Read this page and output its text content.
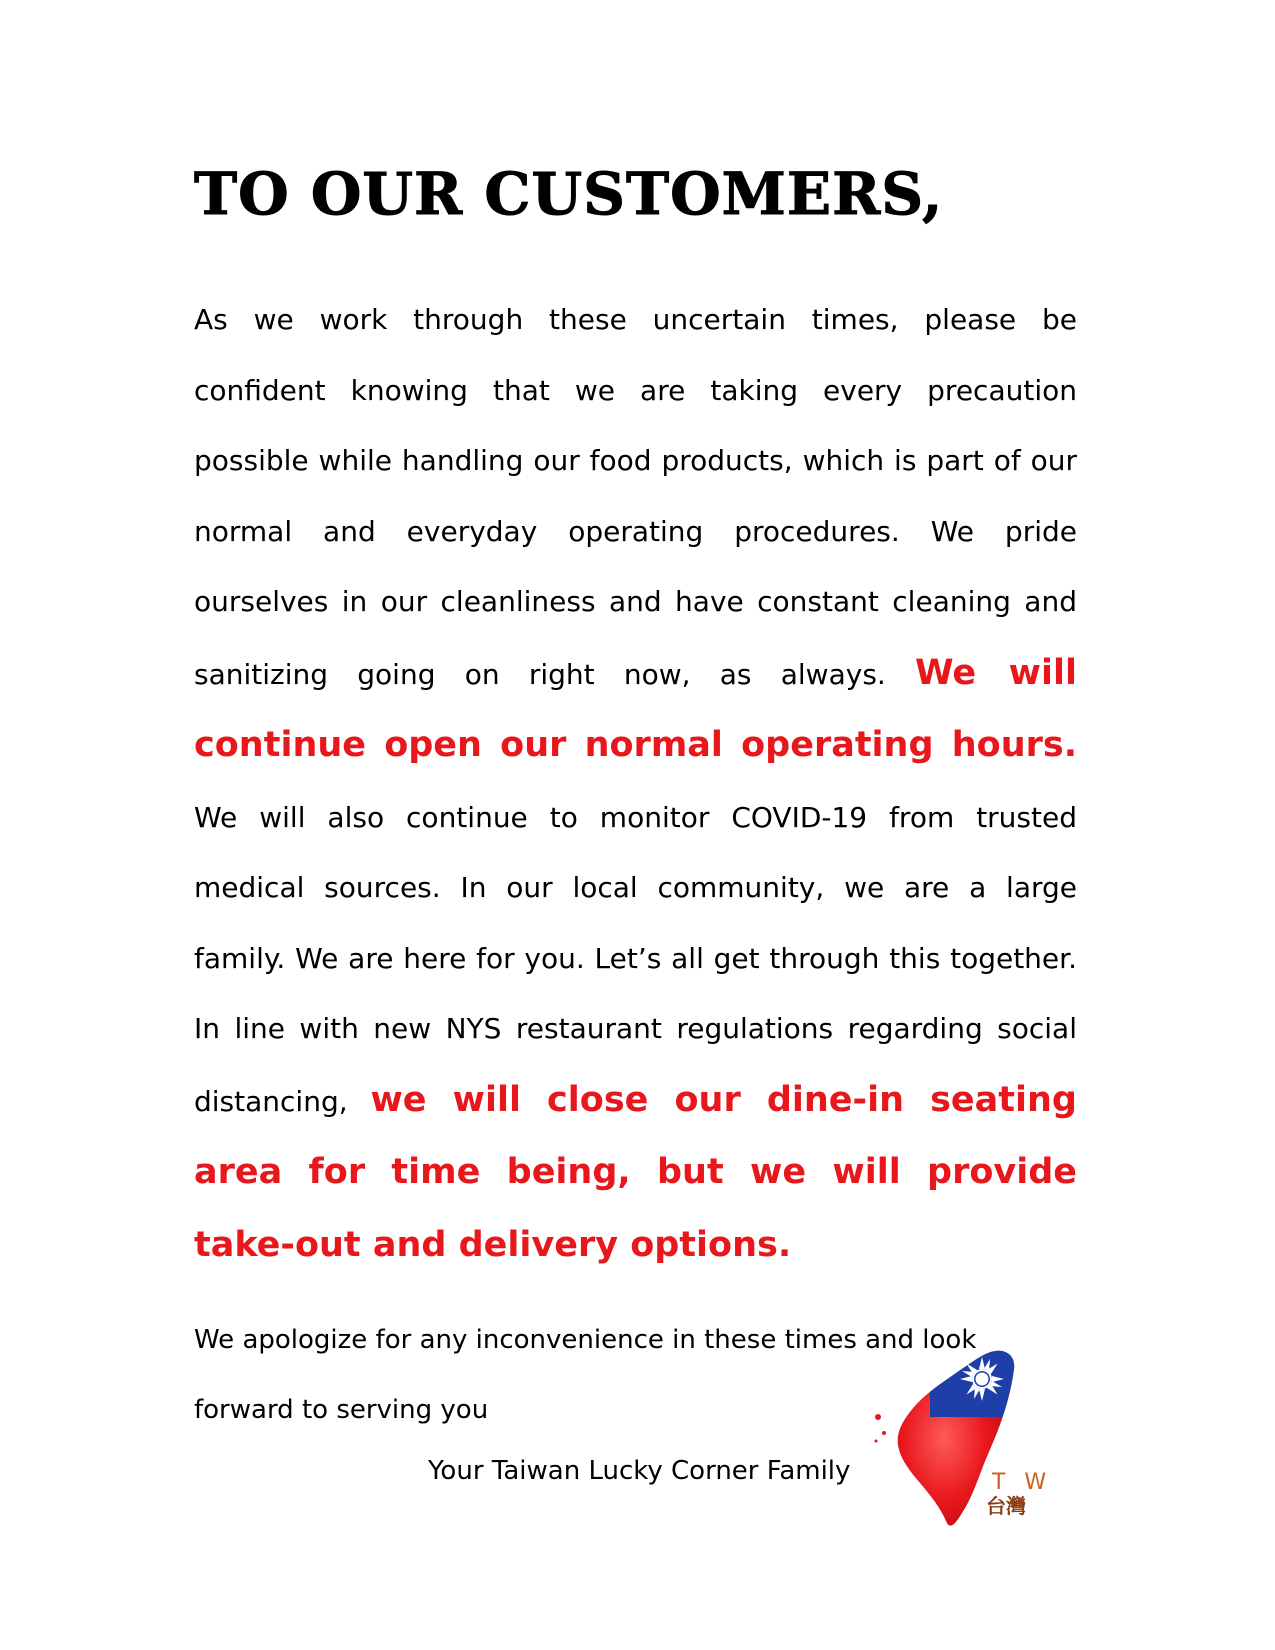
TO OUR CUSTOMERS,

As we work through these uncertain times, please be confident knowing that we are taking every precaution possible while handling our food products, which is part of our normal and everyday operating procedures. We pride ourselves in our cleanliness and have constant cleaning and sanitizing going on right now, as always. We will continue open our normal operating hours. We will also continue to monitor COVID-19 from trusted medical sources. In our local community, we are a large family. We are here for you. Let’s all get through this together. In line with new NYS restaurant regulations regarding social distancing, we will close our dine-in seating area for time being, but we will provide take-out and delivery options.

We apologize for any inconvenience in these times and look forward to serving you

Your Taiwan Lucky Corner Family	T W
台灣
